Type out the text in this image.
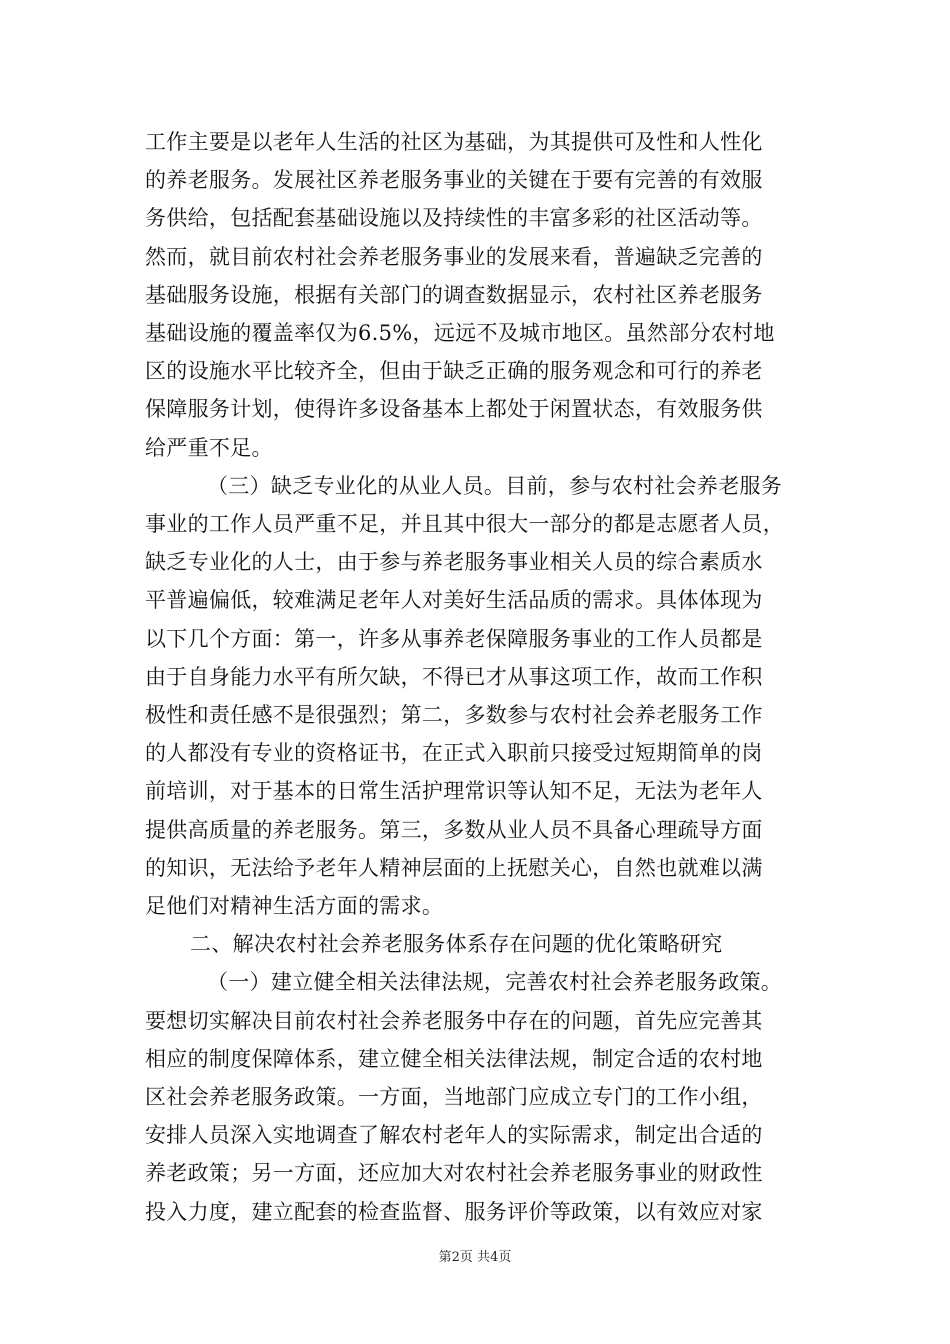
工作主要是以老年人生活的社区为基础，为其提供可及性和人性化
的养老服务。发展社区养老服务事业的关键在于要有完善的有效服
务供给，包括配套基础设施以及持续性的丰富多彩的社区活动等。
然而，就目前农村社会养老服务事业的发展来看，普遍缺乏完善的
基础服务设施，根据有关部门的调查数据显示，农村社区养老服务
基础设施的覆盖率仅为6.5%，远远不及城市地区。虽然部分农村地
区的设施水平比较齐全，但由于缺乏正确的服务观念和可行的养老
保障服务计划，使得许多设备基本上都处于闲置状态，有效服务供
给严重不足。
（三）缺乏专业化的从业人员。目前，参与农村社会养老服务
事业的工作人员严重不足，并且其中很大一部分的都是志愿者人员，
缺乏专业化的人士，由于参与养老服务事业相关人员的综合素质水
平普遍偏低，较难满足老年人对美好生活品质的需求。具体体现为
以下几个方面：第一，许多从事养老保障服务事业的工作人员都是
由于自身能力水平有所欠缺，不得已才从事这项工作，故而工作积
极性和责任感不是很强烈；第二，多数参与农村社会养老服务工作
的人都没有专业的资格证书，在正式入职前只接受过短期简单的岗
前培训，对于基本的日常生活护理常识等认知不足，无法为老年人
提供高质量的养老服务。第三，多数从业人员不具备心理疏导方面
的知识，无法给予老年人精神层面的上抚慰关心，自然也就难以满
足他们对精神生活方面的需求。
二、解决农村社会养老服务体系存在问题的优化策略研究
（一）建立健全相关法律法规，完善农村社会养老服务政策。
要想切实解决目前农村社会养老服务中存在的问题，首先应完善其
相应的制度保障体系，建立健全相关法律法规，制定合适的农村地
区社会养老服务政策。一方面，当地部门应成立专门的工作小组，
安排人员深入实地调查了解农村老年人的实际需求，制定出合适的
养老政策；另一方面，还应加大对农村社会养老服务事业的财政性
投入力度，建立配套的检查监督、服务评价等政策，以有效应对家
第2页 共4页
